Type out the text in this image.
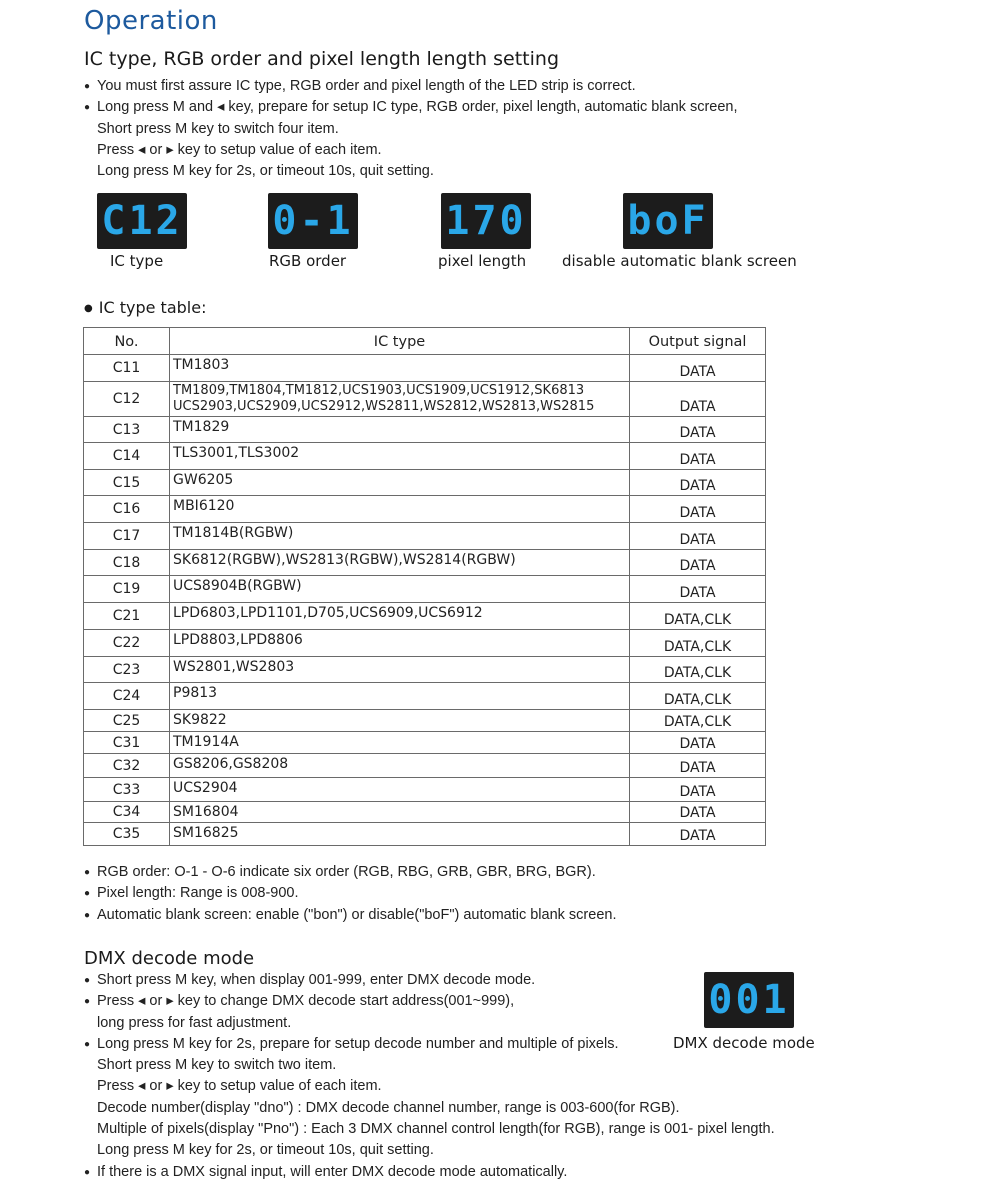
Operation
IC type, RGB order and pixel length length setting
● You must first assure IC type, RGB order and pixel length of the LED strip is correct.
● Long press M and ◂ key, prepare for setup IC type, RGB order, pixel length, automatic blank screen,
Short press M key to switch four item.
Press ◂ or ▸ key to setup value of each item.
Long press M key for 2s, or timeout 10s, quit setting.
C12
IC type
0-1
RGB order
170
pixel length
boF
disable automatic blank screen
● IC type table:
No.	IC type	Output signal
C11	TM1803	DATA
C12	TM1809,TM1804,TM1812,UCS1903,UCS1909,UCS1912,SK6813
UCS2903,UCS2909,UCS2912,WS2811,WS2812,WS2813,WS2815	DATA
C13	TM1829	DATA
C14	TLS3001,TLS3002	DATA
C15	GW6205	DATA
C16	MBI6120	DATA
C17	TM1814B(RGBW)	DATA
C18	SK6812(RGBW),WS2813(RGBW),WS2814(RGBW)	DATA
C19	UCS8904B(RGBW)	DATA
C21	LPD6803,LPD1101,D705,UCS6909,UCS6912	DATA,CLK
C22	LPD8803,LPD8806	DATA,CLK
C23	WS2801,WS2803	DATA,CLK
C24	P9813	DATA,CLK
C25	SK9822	DATA,CLK
C31	TM1914A	DATA
C32	GS8206,GS8208	DATA
C33	UCS2904	DATA
C34	SM16804	DATA
C35	SM16825	DATA
● RGB order: O-1 - O-6 indicate six order (RGB, RBG, GRB, GBR, BRG, BGR).
● Pixel length: Range is 008-900.
● Automatic blank screen: enable ("bon") or disable("boF") automatic blank screen.
DMX decode mode
● Short press M key, when display 001-999, enter DMX decode mode.
● Press ◂ or ▸ key to change DMX decode start address(001~999),
long press for fast adjustment.
● Long press M key for 2s, prepare for setup decode number and multiple of pixels.
Short press M key to switch two item.
Press ◂ or ▸ key to setup value of each item.
Decode number(display "dno") : DMX decode channel number, range is 003-600(for RGB).
Multiple of pixels(display "Pno") : Each 3 DMX channel control length(for RGB), range is 001- pixel length.
Long press M key for 2s, or timeout 10s, quit setting.
● If there is a DMX signal input, will enter DMX decode mode automatically.
001
DMX decode mode
